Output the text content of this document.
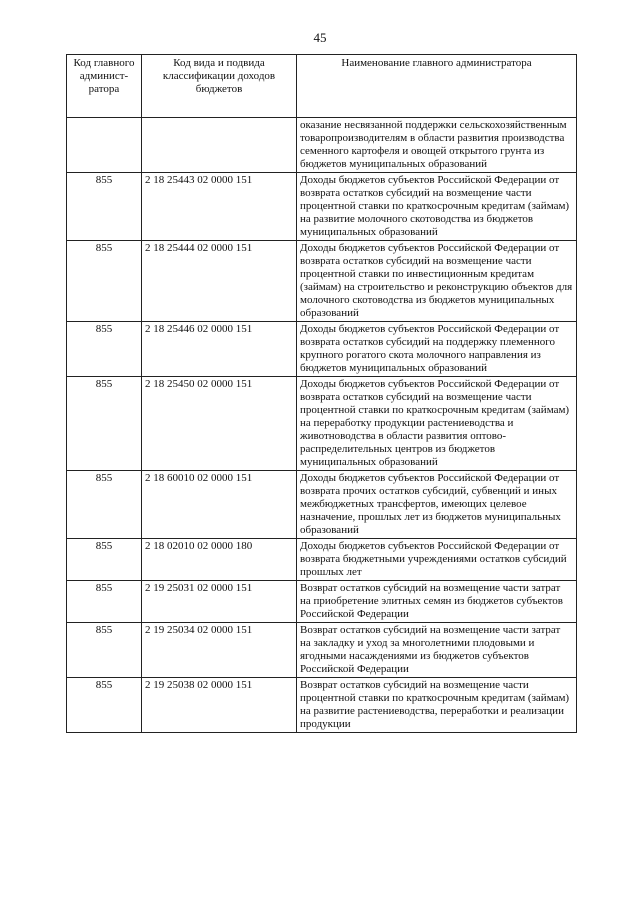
45
Код главного админист-ратора	Код вида и подвида классификации доходов бюджетов	Наименование главного администратора
		оказание несвязанной поддержки сельскохозяйственным товаропроизводителям в области развития производства семенного картофеля и овощей открытого грунта из бюджетов муниципальных образований
855	2 18 25443 02 0000 151	Доходы бюджетов субъектов Российской Федерации от возврата остатков субсидий на возмещение части процентной ставки по краткосрочным кредитам (займам) на развитие молочного скотоводства из бюджетов муниципальных образований
855	2 18 25444 02 0000 151	Доходы бюджетов субъектов Российской Федерации от возврата остатков субсидий на возмещение части процентной ставки по инвестиционным кредитам (займам) на строительство и реконструкцию объектов для молочного скотоводства из бюджетов муниципальных образований
855	2 18 25446 02 0000 151	Доходы бюджетов субъектов Российской Федерации от возврата остатков субсидий на поддержку племенного крупного рогатого скота молочного направления из бюджетов муниципальных образований
855	2 18 25450 02 0000 151	Доходы бюджетов субъектов Российской Федерации от возврата остатков субсидий на возмещение части процентной ставки по краткосрочным кредитам (займам) на переработку продукции растениеводства и животноводства в области развития оптово-распределительных центров из бюджетов муниципальных образований
855	2 18 60010 02 0000 151	Доходы бюджетов субъектов Российской Федерации от возврата прочих остатков субсидий, субвенций и иных межбюджетных трансфертов, имеющих целевое назначение, прошлых лет из бюджетов муниципальных образований
855	2 18 02010 02 0000 180	Доходы бюджетов субъектов Российской Федерации от возврата бюджетными учреждениями остатков субсидий прошлых лет
855	2 19 25031 02 0000 151	Возврат остатков субсидий на возмещение части затрат на приобретение элитных семян из бюджетов субъектов Российской Федерации
855	2 19 25034 02 0000 151	Возврат остатков субсидий на возмещение части затрат на закладку и уход за многолетними плодовыми и ягодными насаждениями из бюджетов субъектов Российской Федерации
855	2 19 25038 02 0000 151	Возврат остатков субсидий на возмещение части процентной ставки по краткосрочным кредитам (займам) на развитие растениеводства, переработки и реализации продукции
